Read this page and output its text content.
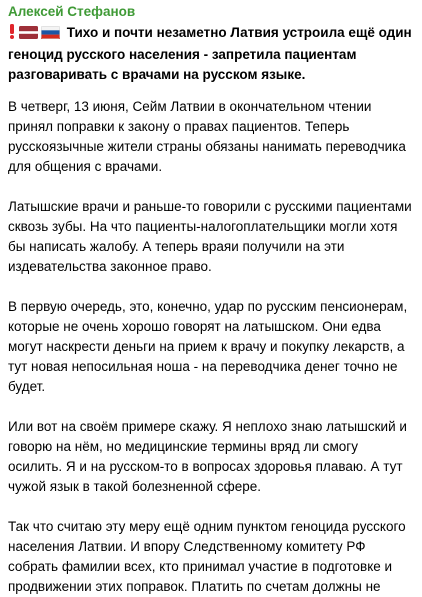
Алексей Стефанов
Тихо и почти незаметно Латвия устроила ещё один геноцид русского населения - запретила пациентам разговаривать с врачами на русском языке.
В четверг, 13 июня, Сейм Латвии в окончательном чтении принял поправки к закону о правах пациентов. Теперь русскоязычные жители страны обязаны нанимать переводчика для общения с врачами.
Латышские врачи и раньше-то говорили с русскими пациентами сквозь зубы. На что пациенты-налогоплательщики могли хотя бы написать жалобу. А теперь враяи получили на эти издевательства законное право.
В первую очередь, это, конечно, удар по русским пенсионерам, которые не очень хорошо говорят на латышском. Они едва могут наскрести деньги на прием к врачу и покупку лекарств, а тут новая непосильная ноша - на переводчика денег точно не будет.
Или вот на своём примере скажу. Я неплохо знаю латышский и говорю на нём, но медицинские термины вряд ли смогу осилить. Я и на русском-то в вопросах здоровья плаваю. А тут чужой язык в такой болезненной сфере.
Так что считаю эту меру ещё одним пунктом геноцида русского населения Латвии. И впору Следственному комитету РФ собрать фамилии всех, кто принимал участие в подготовке и продвижении этих поправок. Платить по счетам должны не
